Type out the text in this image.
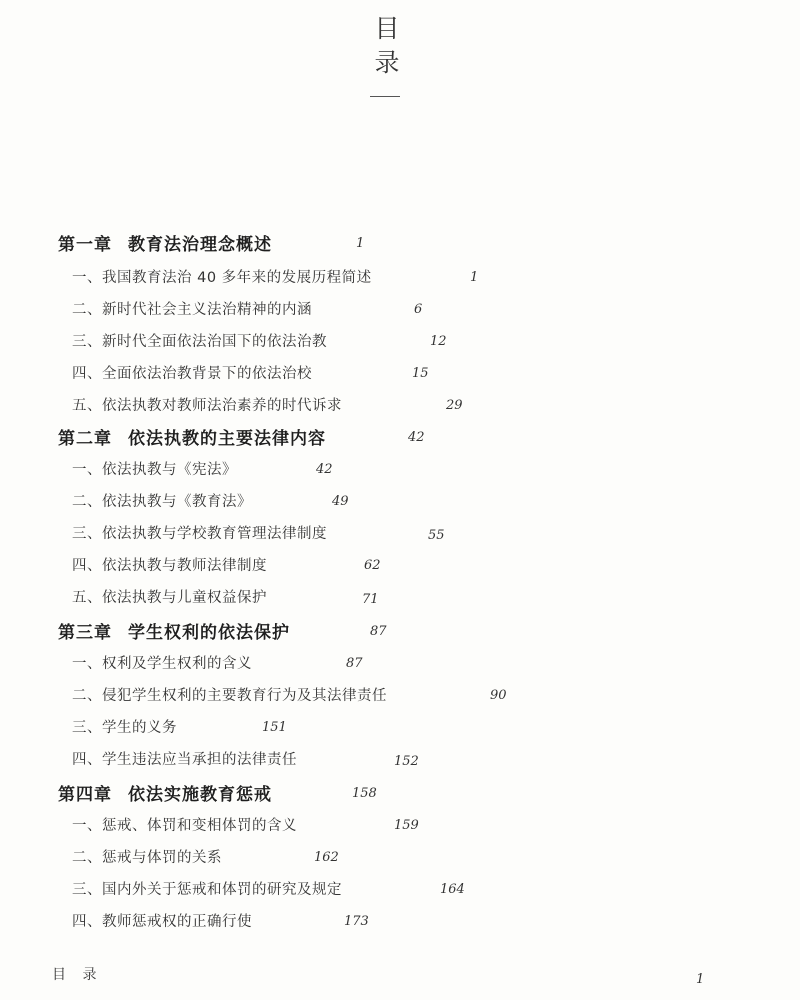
目
录
第一章 教育法治理念概述	1
一、我国教育法治 40 多年来的发展历程简述	1
二、新时代社会主义法治精神的内涵	6
三、新时代全面依法治国下的依法治教	12
四、全面依法治教背景下的依法治校	15
五、依法执教对教师法治素养的时代诉求	29
第二章 依法执教的主要法律内容	42
一、依法执教与《宪法》	42
二、依法执教与《教育法》	49
三、依法执教与学校教育管理法律制度	55
四、依法执教与教师法律制度	62
五、依法执教与儿童权益保护	71
第三章 学生权利的依法保护	87
一、权利及学生权利的含义	87
二、侵犯学生权利的主要教育行为及其法律责任	90
三、学生的义务	151
四、学生违法应当承担的法律责任	152
第四章 依法实施教育惩戒	158
一、惩戒、体罚和变相体罚的含义	159
二、惩戒与体罚的关系	162
三、国内外关于惩戒和体罚的研究及规定	164
四、教师惩戒权的正确行使	173
目 录	1
